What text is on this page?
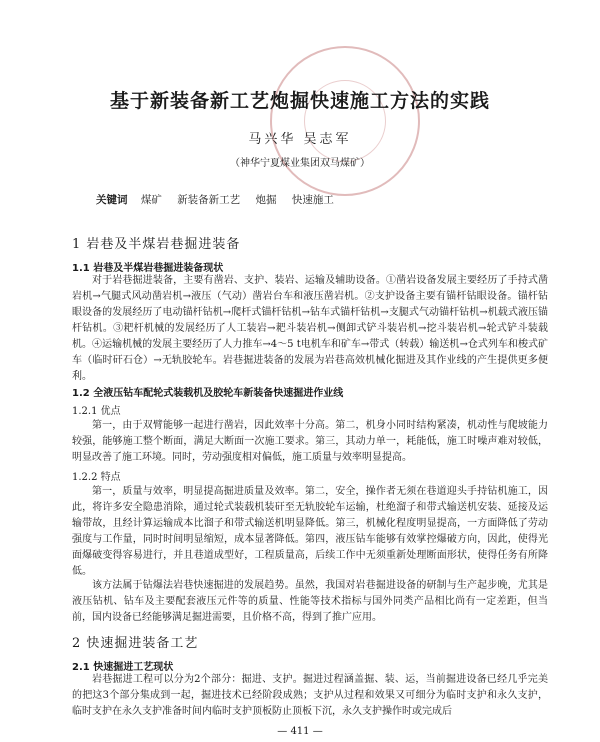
基于新装备新工艺炮掘快速施工方法的实践
马兴华 吴志军
（神华宁夏煤业集团双马煤矿）
关键词 煤矿 新装备新工艺 炮掘 快速施工
1 岩巷及半煤岩巷掘进装备
1.1 岩巷及半煤岩巷掘进装备现状
对于岩巷掘进装备，主要有凿岩、支护、装岩、运输及辅助设备。①凿岩设备发展主要经历了手持式凿岩机→气腿式风动凿岩机→液压（气动）凿岩台车和液压凿岩机。②支护设备主要有锚杆钻眼设备。锚杆钻眼设备的发展经历了电动锚杆钻机→爬杆式锚杆钻机→钻车式锚杆钻机→支腿式气动锚杆钻机→机载式液压锚杆钻机。③耙杆机械的发展经历了人工装岩→耙斗装岩机→侧卸式铲斗装岩机→挖斗装岩机→轮式铲斗装载机。④运输机械的发展主要经历了人力推车→4～5 t电机车和矿车→带式（转载）输送机→仓式列车和梭式矿车（临时矸石仓）→无轨胶轮车。岩巷掘进装备的发展为岩巷高效机械化掘进及其作业线的产生提供更多便利。
1.2 全液压钻车配轮式装载机及胶轮车新装备快速掘进作业线
1.2.1 优点
第一，由于双臂能够一起进行凿岩，因此效率十分高。第二，机身小同时结构紧凑，机动性与爬坡能力较强，能够施工整个断面，满足大断面一次施工要求。第三，其动力单一，耗能低，施工时噪声难对较低，明显改善了施工环境。同时，劳动强度相对偏低，施工质量与效率明显提高。
1.2.2 特点
第一，质量与效率，明显提高掘进质量及效率。第二，安全，操作者无须在巷道迎头手持钻机施工，因此，将许多安全隐患消除，通过轮式装载机装矸至无轨胶轮车运输，杜绝溜子和带式输送机安装、延接及运输带故，且经计算运输成本比溜子和带式输送机明显降低。第三，机械化程度明显提高，一方面降低了劳动强度与工作量，同时时间明显缩短，成本显著降低。第四，液压钻车能够有效掌控爆破方向，因此，使得光面爆破变得容易进行，并且巷道成型好，工程质量高，后续工作中无须重新处理断面形状，使得任务有所降低。
该方法属于钻爆法岩巷快速掘进的发展趋势。虽然，我国对岩巷掘进设备的研制与生产起步晚，尤其是液压钻机、钻车及主要配套液压元件等的质量、性能等技术指标与国外同类产品相比尚有一定差距，但当前，国内设备已经能够满足掘进需要，且价格不高，得到了推广应用。
2 快速掘进装备工艺
2.1 快速掘进工艺现状
岩巷掘进工程可以分为2个部分：掘进、支护。掘进过程涵盖掘、装、运，当前掘进设备已经几乎完美的把这3个部分集成到一起，掘进技术已经阶段成熟；支护从过程和效果又可细分为临时支护和永久支护，临时支护在永久支护准备时间内临时支护顶板防止顶板下沉，永久支护操作时或完成后
— 411 —
